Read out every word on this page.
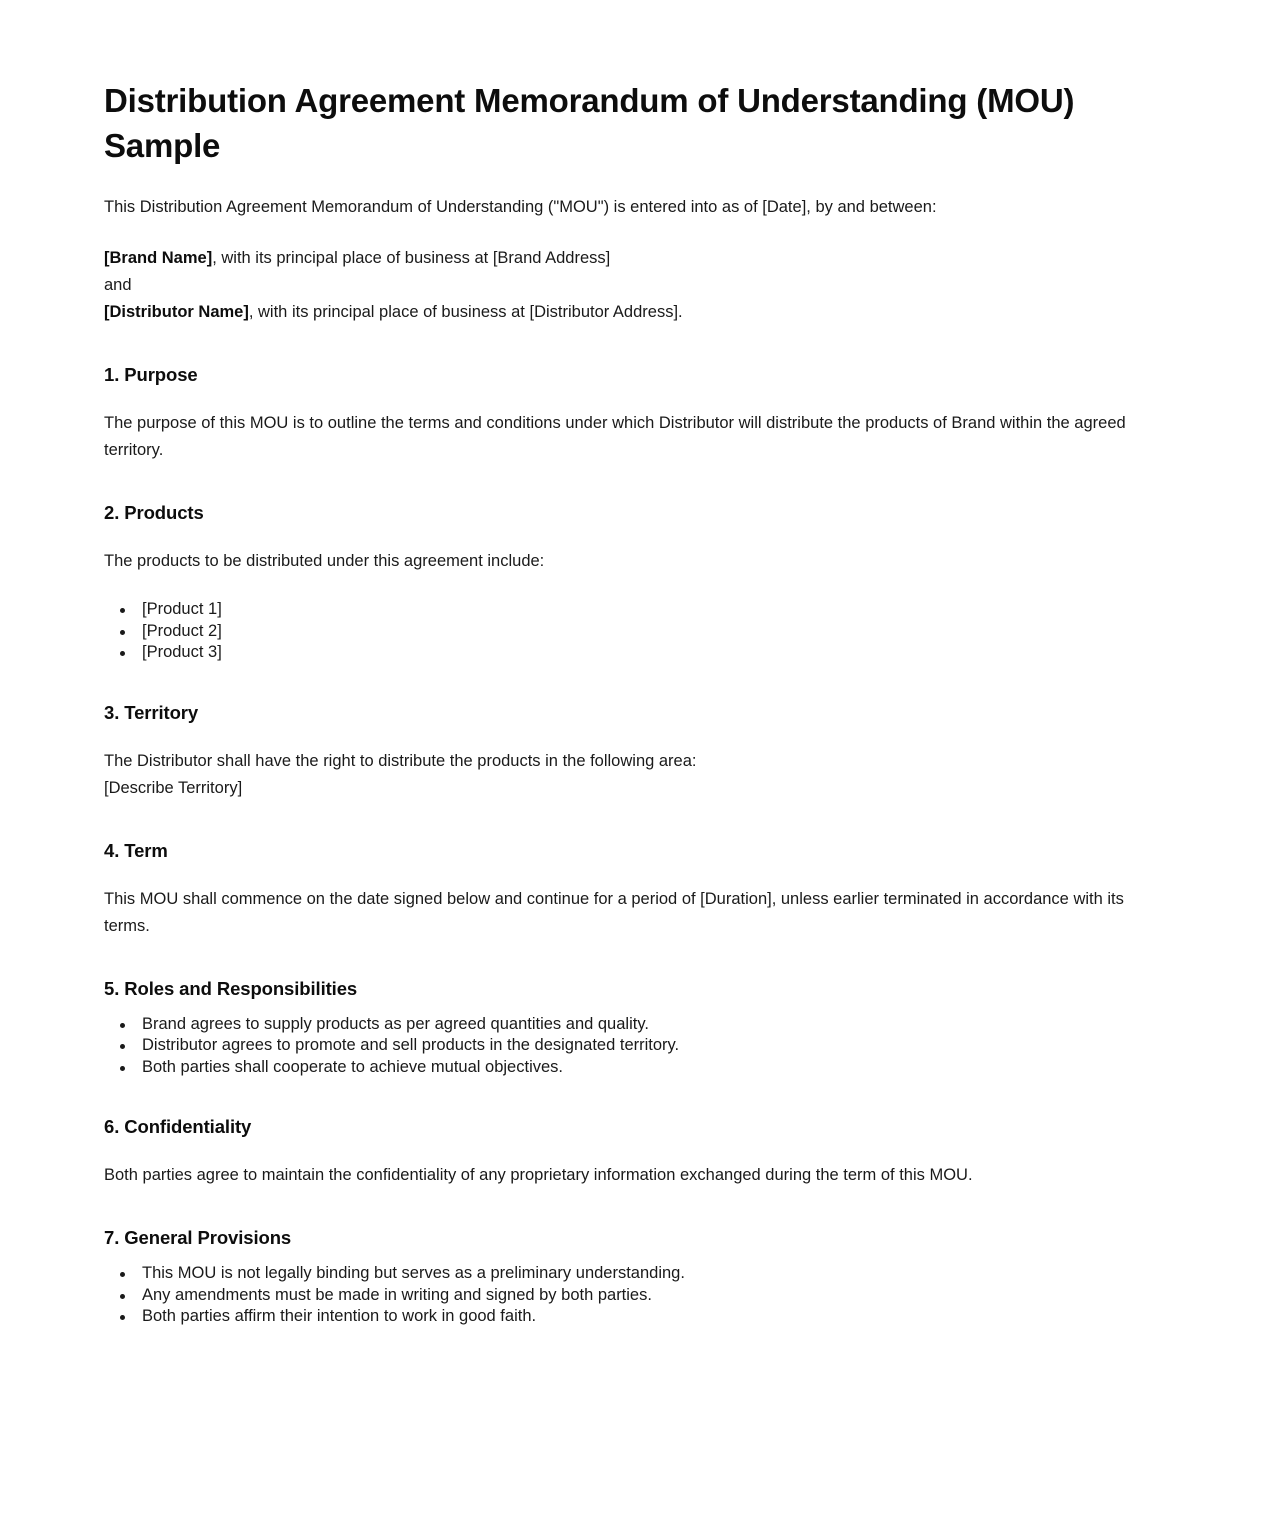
Distribution Agreement Memorandum of Understanding (MOU) Sample

This Distribution Agreement Memorandum of Understanding ("MOU") is entered into as of [Date], by and between:

[Brand Name], with its principal place of business at [Brand Address]
and
[Distributor Name], with its principal place of business at [Distributor Address].
1. Purpose

The purpose of this MOU is to outline the terms and conditions under which Distributor will distribute the products of Brand within the agreed territory.

2. Products

The products to be distributed under this agreement include:

[Product 1]
[Product 2]
[Product 3]
3. Territory

The Distributor shall have the right to distribute the products in the following area:
[Describe Territory]

4. Term

This MOU shall commence on the date signed below and continue for a period of [Duration], unless earlier terminated in accordance with its terms.

5. Roles and Responsibilities
Brand agrees to supply products as per agreed quantities and quality.
Distributor agrees to promote and sell products in the designated territory.
Both parties shall cooperate to achieve mutual objectives.
6. Confidentiality

Both parties agree to maintain the confidentiality of any proprietary information exchanged during the term of this MOU.

7. General Provisions
This MOU is not legally binding but serves as a preliminary understanding.
Any amendments must be made in writing and signed by both parties.
Both parties affirm their intention to work in good faith.
